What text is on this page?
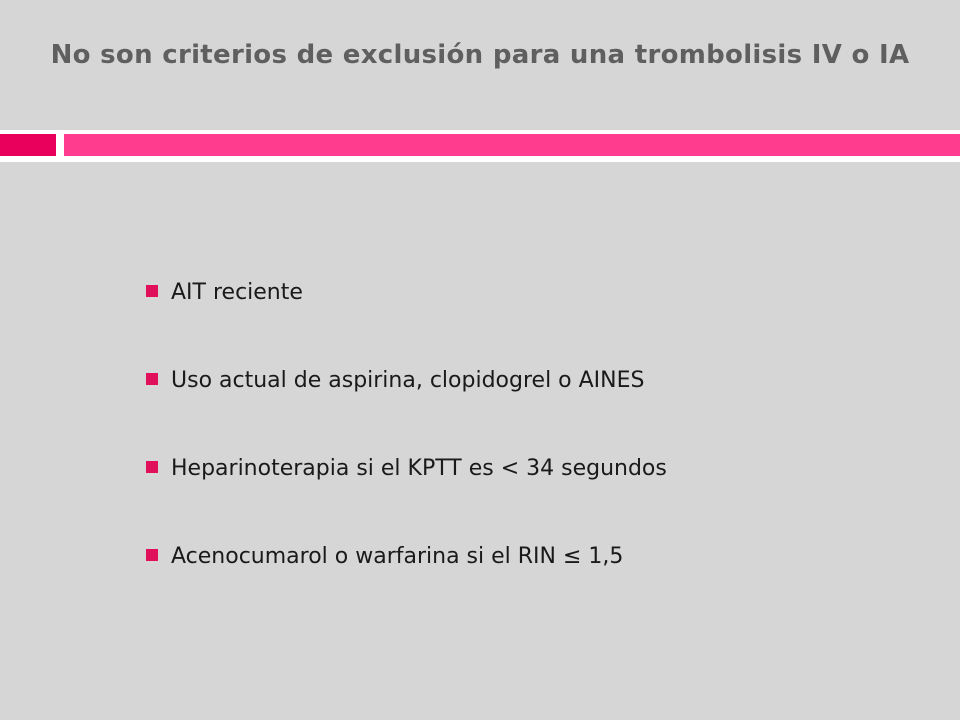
No son criterios de exclusión para una trombolisis IV o IA
AIT reciente
Uso actual de aspirina, clopidogrel o AINES
Heparinoterapia si el KPTT es < 34 segundos
Acenocumarol o warfarina si el RIN ≤ 1,5
